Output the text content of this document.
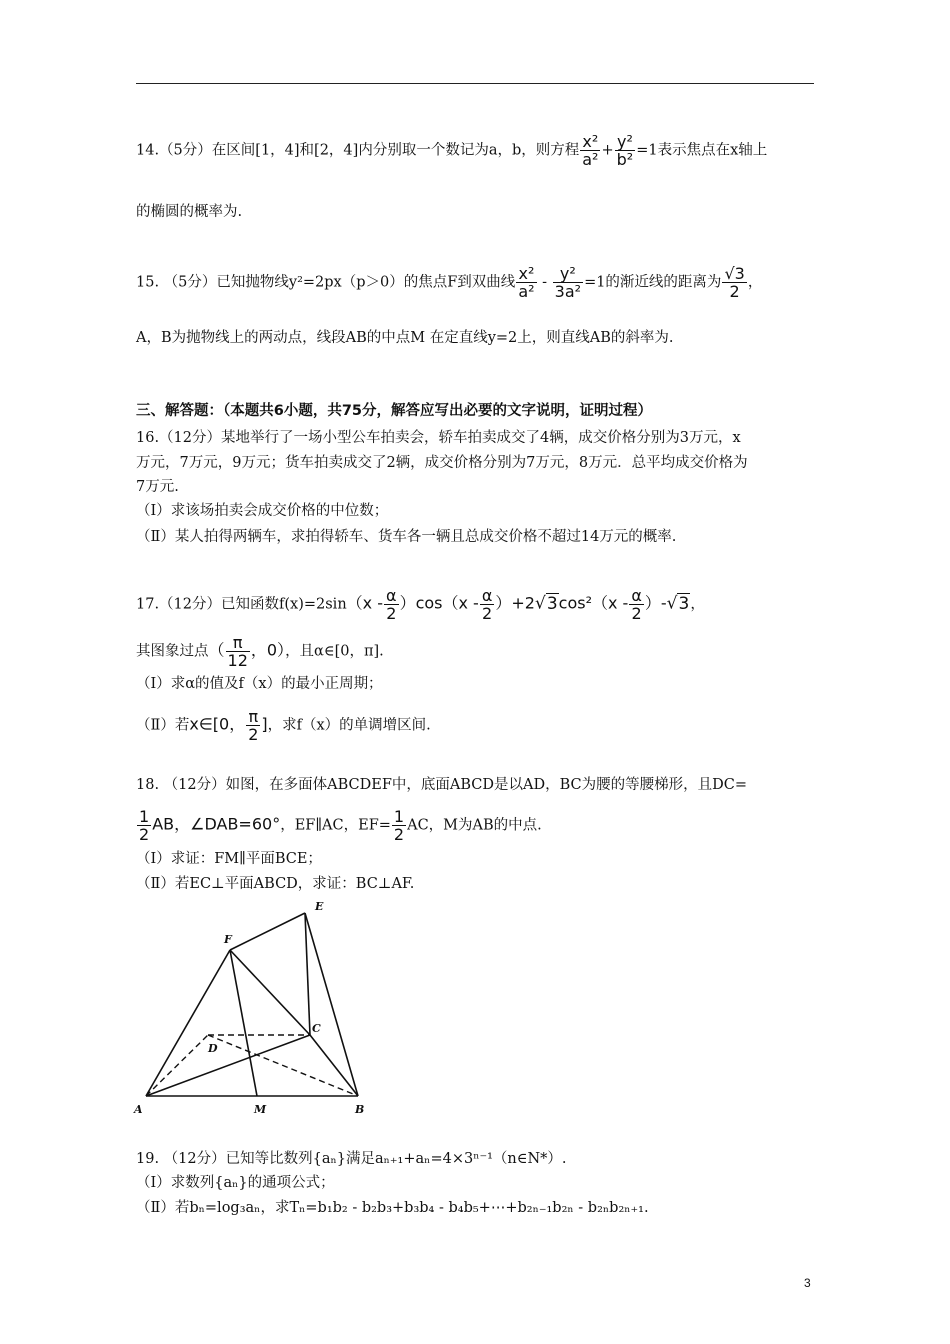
14.（5分）在区间[1，4]和[2，4]内分别取一个数记为a，b，则方程 $\frac{\text{x²}}{\text{a²}} + \frac{\text{y²}}{\text{b²}} =1$表示焦点在x轴上
的椭圆的概率为.
15. （5分）已知抛物线y²=2px（p＞0）的焦点F到双曲线 $\frac{\text{x²}}{\text{a²}} - \frac{\text{y²}}{\text{3a²}} =1$的渐近线的距离为 $\frac{√3}{2}$ ，
A，B为抛物线上的两动点，线段AB的中点M 在定直线y=2上，则直线AB的斜率为.
三、解答题：（本题共6小题，共75分，解答应写出必要的文字说明，证明过程）
16.（12分）某地举行了一场小型公车拍卖会，轿车拍卖成交了4辆，成交价格分别为3万元，x
万元，7万元，9万元；货车拍卖成交了2辆，成交价格分别为7万元，8万元．总平均成交价格为
7万元.
（Ⅰ）求该场拍卖会成交价格的中位数；
（Ⅱ）某人拍得两辆车，求拍得轿车、货车各一辆且总成交价格不超过14万元的概率.
17.（12分）已知函数$f(x)=2\sin(x - \frac{\alpha}{2} )\cos(x - \frac{\alpha}{2} )+2√3\cos^2(x - \frac{\alpha}{2} )-√3$，
其图象过点（ $\frac{\pi}{12}$ ，0），且α∈[0，π].
（Ⅰ）求α的值及f（x）的最小正周期；
（Ⅱ）若x∈[0， $\frac{\pi}{2}$ ]，求f（x）的单调增区间.
18. （12分）如图，在多面体ABCDEF中，底面ABCD是以AD，BC为腰的等腰梯形，且DC=
$\frac{1}{2}$ AB，∠DAB=60°，EF∥AC，$EF= \frac{1}{2}$ AC，M为AB的中点.
（Ⅰ）求证：FM∥平面BCE；
（Ⅱ）若EC⊥平面ABCD，求证：BC⊥AF.
F
E
D
C
A	M	B
19. （12分）已知等比数列{aₙ}满足aₙ₊₁+aₙ=4×3ⁿ⁻¹（n∈N*）.
（Ⅰ）求数列{aₙ}的通项公式；
（Ⅱ）若bₙ=log₃aₙ，求Tₙ=b₁b₂ - b₂b₃+b₃b₄ - b₄b₅+⋯+b₂ₙ₋₁b₂ₙ - b₂ₙb₂ₙ₊₁.
3
